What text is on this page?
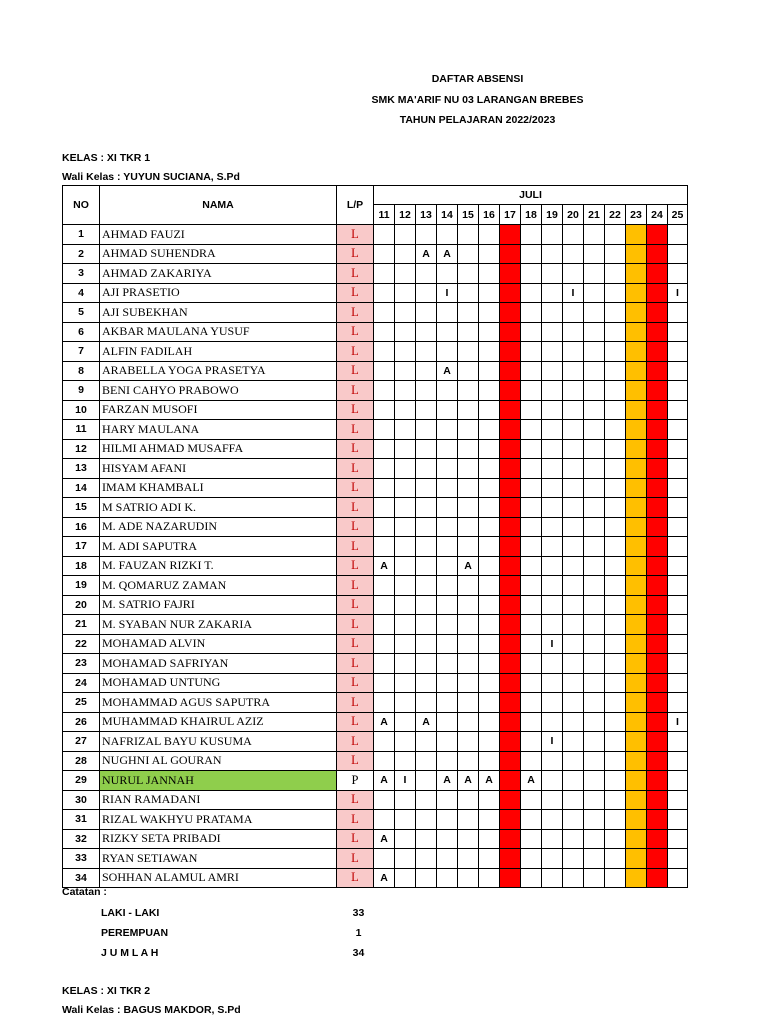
DAFTAR ABSENSI
SMK MA'ARIF NU 03 LARANGAN BREBES
TAHUN PELAJARAN 2022/2023
KELAS : XI TKR 1
Wali Kelas : YUYUN SUCIANA, S.Pd
NO	NAMA	L/P	JULI														
			11	12	13	14	15	16	17	18	19	20	21	22	23	24	25
1	AHMAD FAUZI	L															
2	AHMAD SUHENDRA	L			A	A											
3	AHMAD ZAKARIYA	L															
4	AJI PRASETIO	L				I						I					I
5	AJI SUBEKHAN	L															
6	AKBAR MAULANA YUSUF	L															
7	ALFIN FADILAH	L															
8	ARABELLA YOGA PRASETYA	L				A											
9	BENI CAHYO PRABOWO	L															
10	FARZAN MUSOFI	L															
11	HARY MAULANA	L															
12	HILMI AHMAD MUSAFFA	L															
13	HISYAM AFANI	L															
14	IMAM KHAMBALI	L															
15	M SATRIO ADI K.	L															
16	M. ADE NAZARUDIN	L															
17	M. ADI SAPUTRA	L															
18	M. FAUZAN RIZKI T.	L	A				A										
19	M. QOMARUZ ZAMAN	L															
20	M. SATRIO FAJRI	L															
21	M. SYABAN NUR ZAKARIA	L															
22	MOHAMAD ALVIN	L									I						
23	MOHAMAD SAFRIYAN	L															
24	MOHAMAD UNTUNG	L															
25	MOHAMMAD AGUS SAPUTRA	L															
26	MUHAMMAD KHAIRUL AZIZ	L	A		A												I
27	NAFRIZAL BAYU KUSUMA	L									I						
28	NUGHNI AL GOURAN	L															
29	NURUL JANNAH	P	A	I		A	A	A		A							
30	RIAN RAMADANI	L															
31	RIZAL WAKHYU PRATAMA	L															
32	RIZKY SETA PRIBADI	L	A														
33	RYAN SETIAWAN	L															
34	SOHHAN ALAMUL AMRI	L	A														
Catatan :
LAKI - LAKI	33
PEREMPUAN	1
J U M L A H	34
KELAS : XI TKR 2
Wali Kelas : BAGUS MAKDOR, S.Pd
